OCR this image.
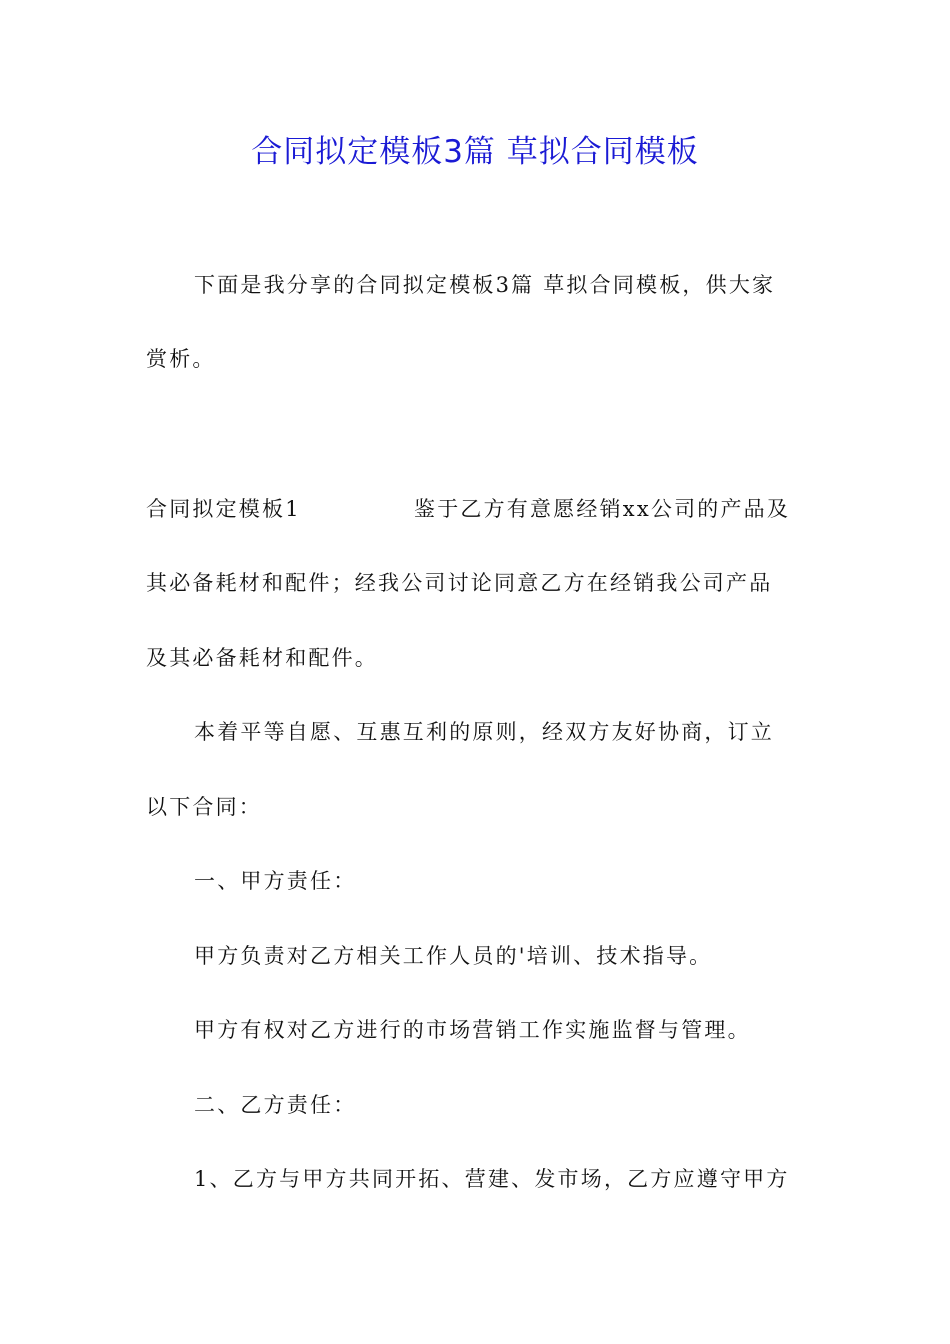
合同拟定模板3篇 草拟合同模板
下面是我分享的合同拟定模板3篇 草拟合同模板，供大家
赏析。
合同拟定模板1	鉴于乙方有意愿经销xx公司的产品及
其必备耗材和配件；经我公司讨论同意乙方在经销我公司产品
及其必备耗材和配件。
本着平等自愿、互惠互利的原则，经双方友好协商，订立
以下合同：
一、甲方责任：
甲方负责对乙方相关工作人员的'培训、技术指导。
甲方有权对乙方进行的市场营销工作实施监督与管理。
二、乙方责任：
1、乙方与甲方共同开拓、营建、发市场，乙方应遵守甲方
